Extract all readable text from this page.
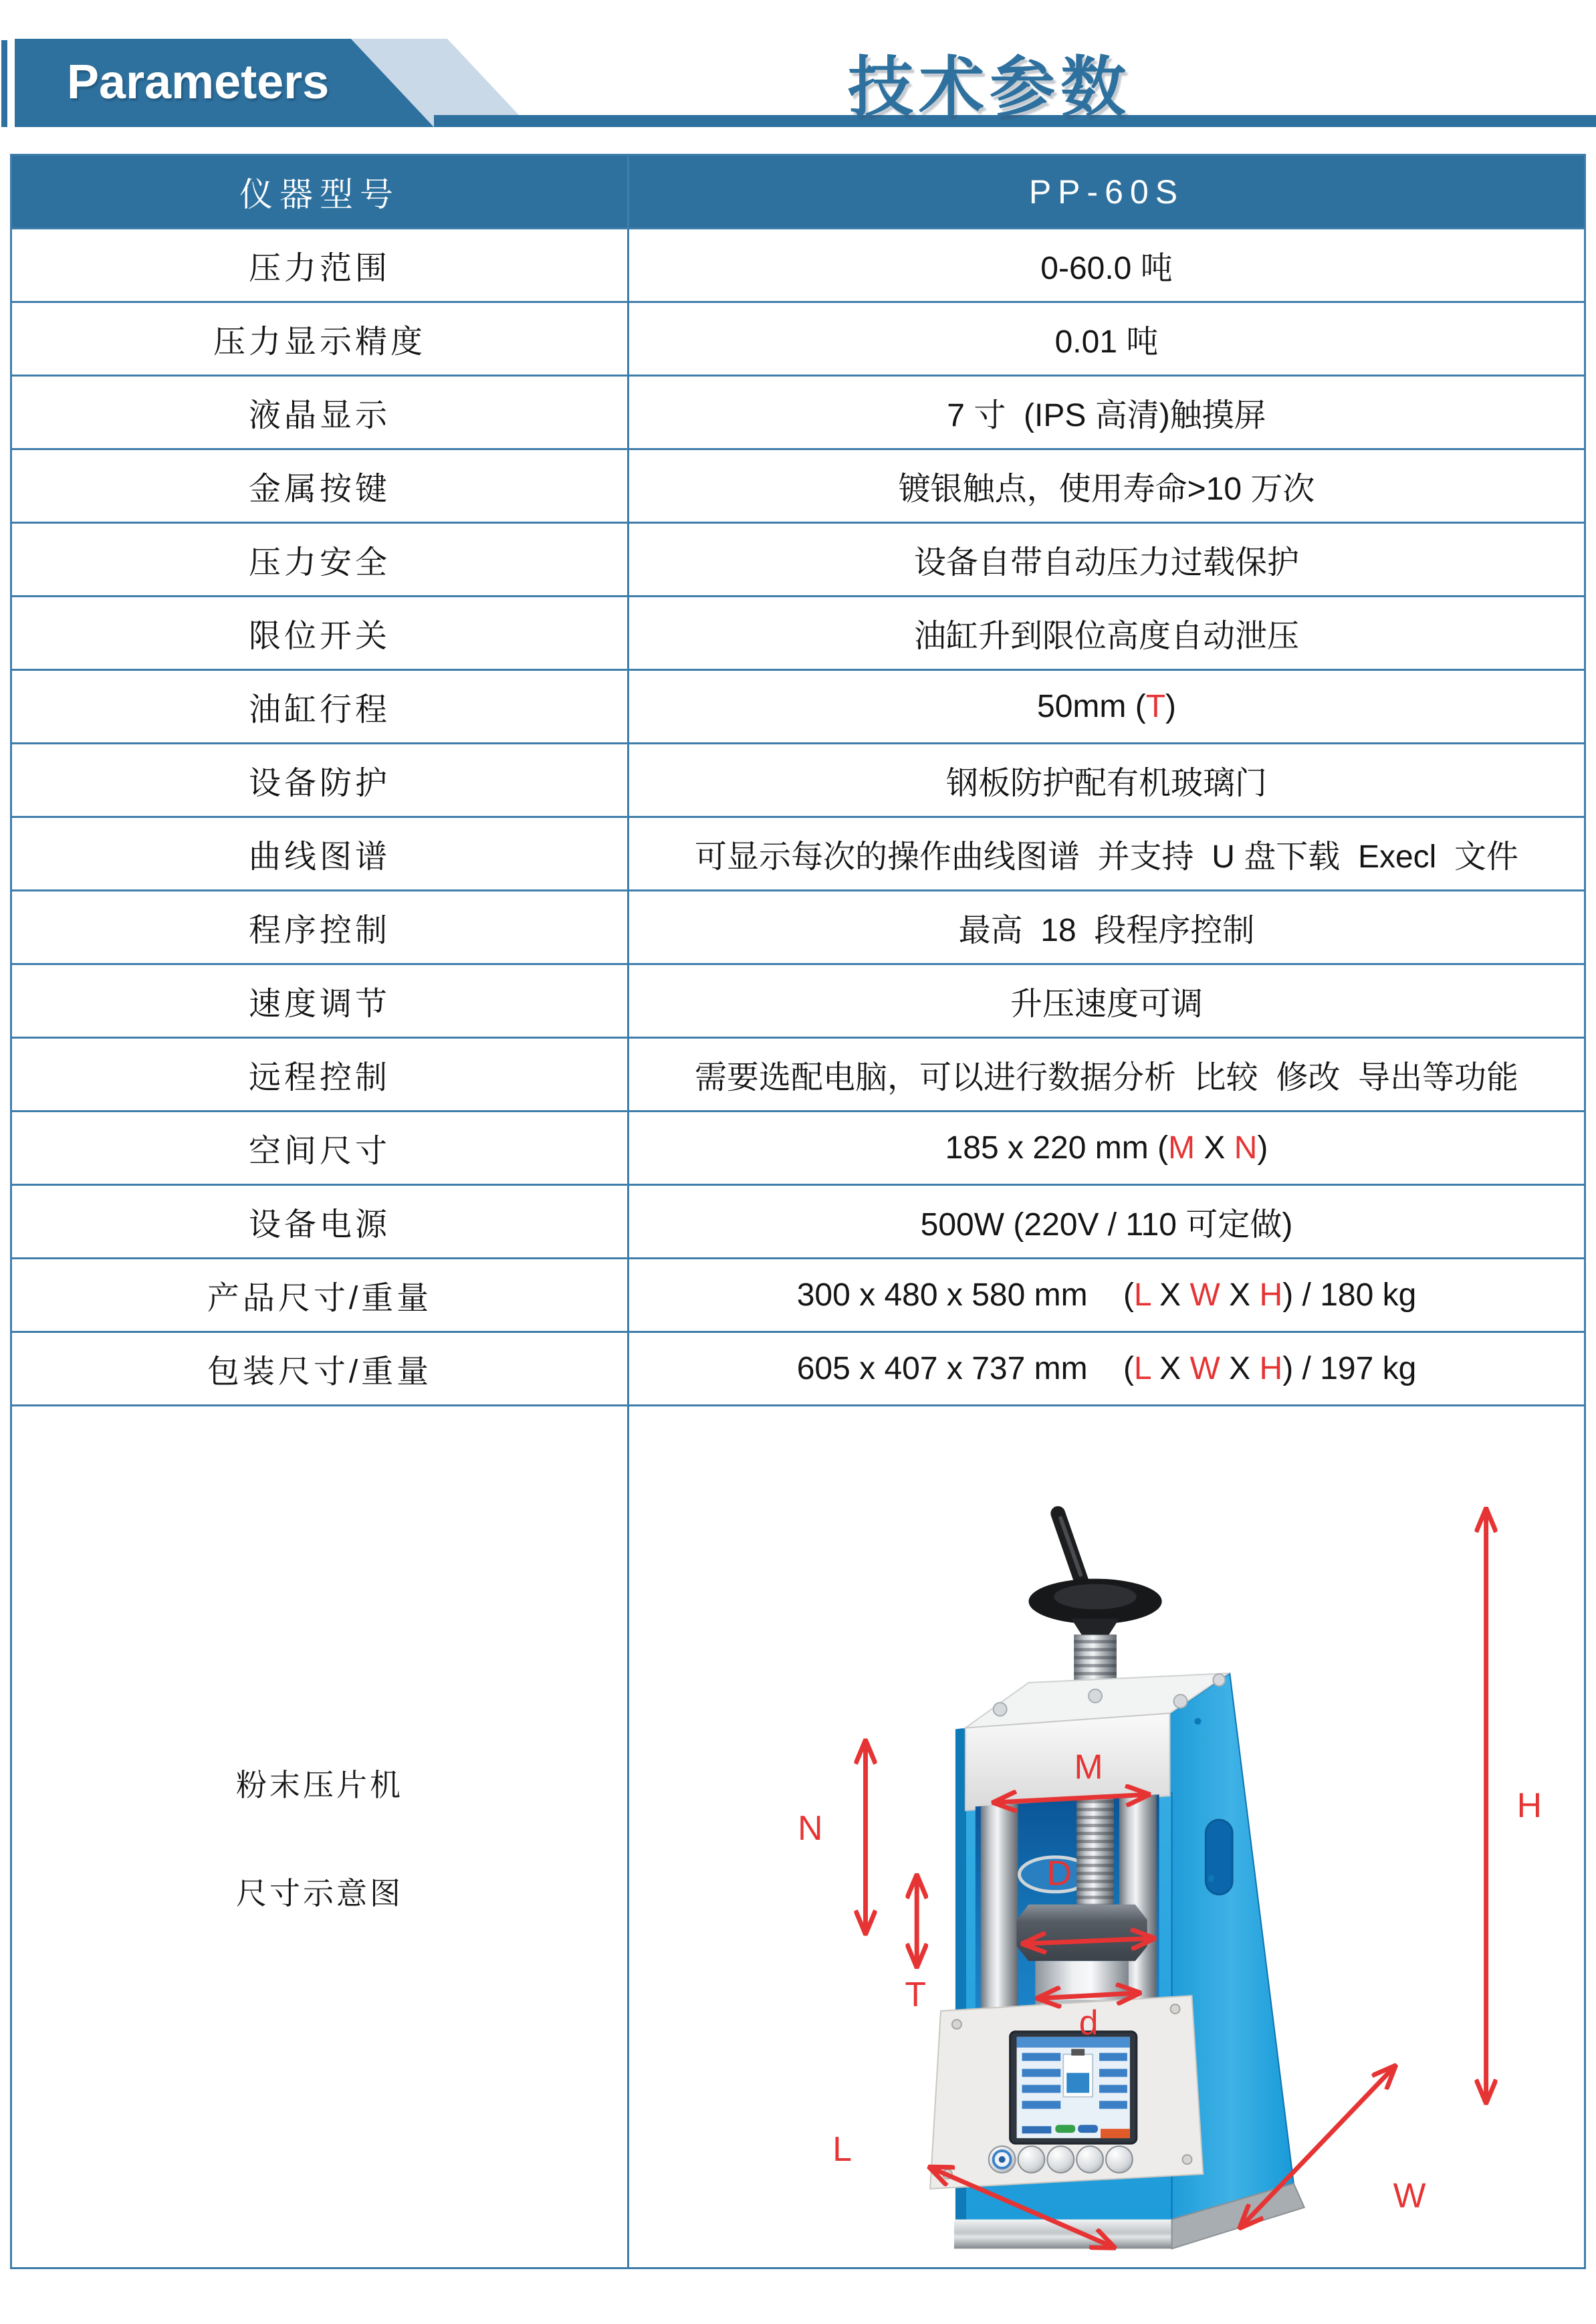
Parameters	技术参数
仪器型号	PP-60S
压力范围	0-60.0 吨
压力显示精度	0.01 吨
液晶显示	7 寸  (IPS 高清)触摸屏
金属按键	镀银触点，使用寿命>10 万次
压力安全	设备自带自动压力过载保护
限位开关	油缸升到限位高度自动泄压
油缸行程	50mm (T)
设备防护	钢板防护配有机玻璃门
曲线图谱	可显示每次的操作曲线图谱  并支持  U 盘下载  Execl  文件
程序控制	最高  18  段程序控制
速度调节	升压速度可调
远程控制	需要选配电脑，可以进行数据分析  比较  修改  导出等功能
空间尺寸	185 x 220 mm (M X N)
设备电源	500W (220V / 110 可定做)
产品尺寸/重量	300 x 480 x 580 mm    (L X W X H) / 180 kg
包装尺寸/重量	605 x 407 x 737 mm    (L X W X H) / 197 kg

粉末压片机
尺寸示意图

M
N
T
D
d
H
W
L
